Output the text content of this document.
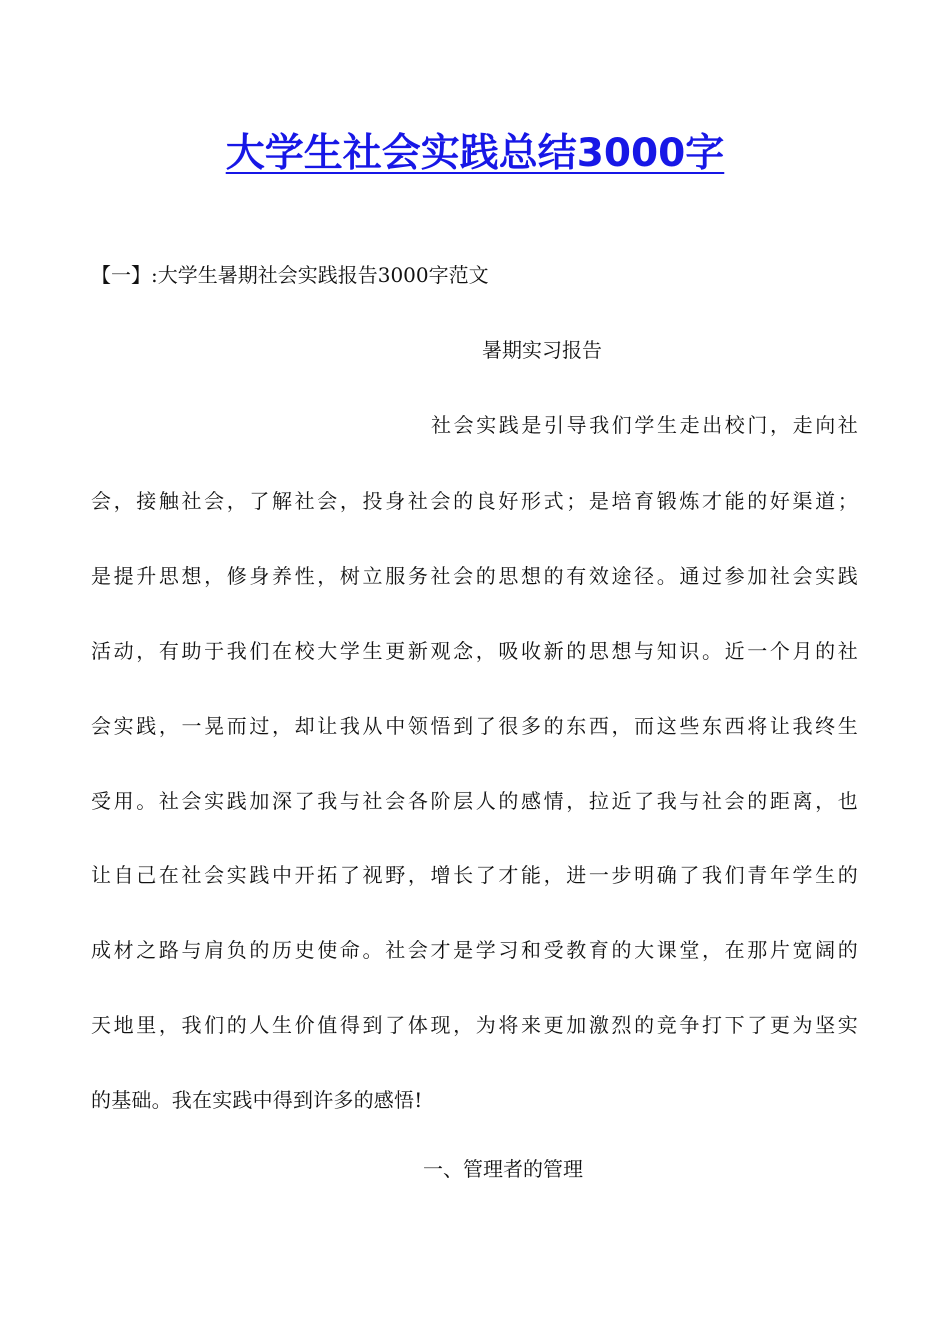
大学生社会实践总结3000字
【一】:大学生暑期社会实践报告3000字范文
暑期实习报告
社会实践是引导我们学生走出校门，走向社
会，接触社会，了解社会，投身社会的良好形式；是培育锻炼才能的好渠道；
是提升思想，修身养性，树立服务社会的思想的有效途径。通过参加社会实践
活动，有助于我们在校大学生更新观念，吸收新的思想与知识。近一个月的社
会实践，一晃而过，却让我从中领悟到了很多的东西，而这些东西将让我终生
受用。社会实践加深了我与社会各阶层人的感情，拉近了我与社会的距离，也
让自己在社会实践中开拓了视野，增长了才能，进一步明确了我们青年学生的
成材之路与肩负的历史使命。社会才是学习和受教育的大课堂，在那片宽阔的
天地里，我们的人生价值得到了体现，为将来更加激烈的竞争打下了更为坚实
的基础。我在实践中得到许多的感悟!
一、管理者的管理
